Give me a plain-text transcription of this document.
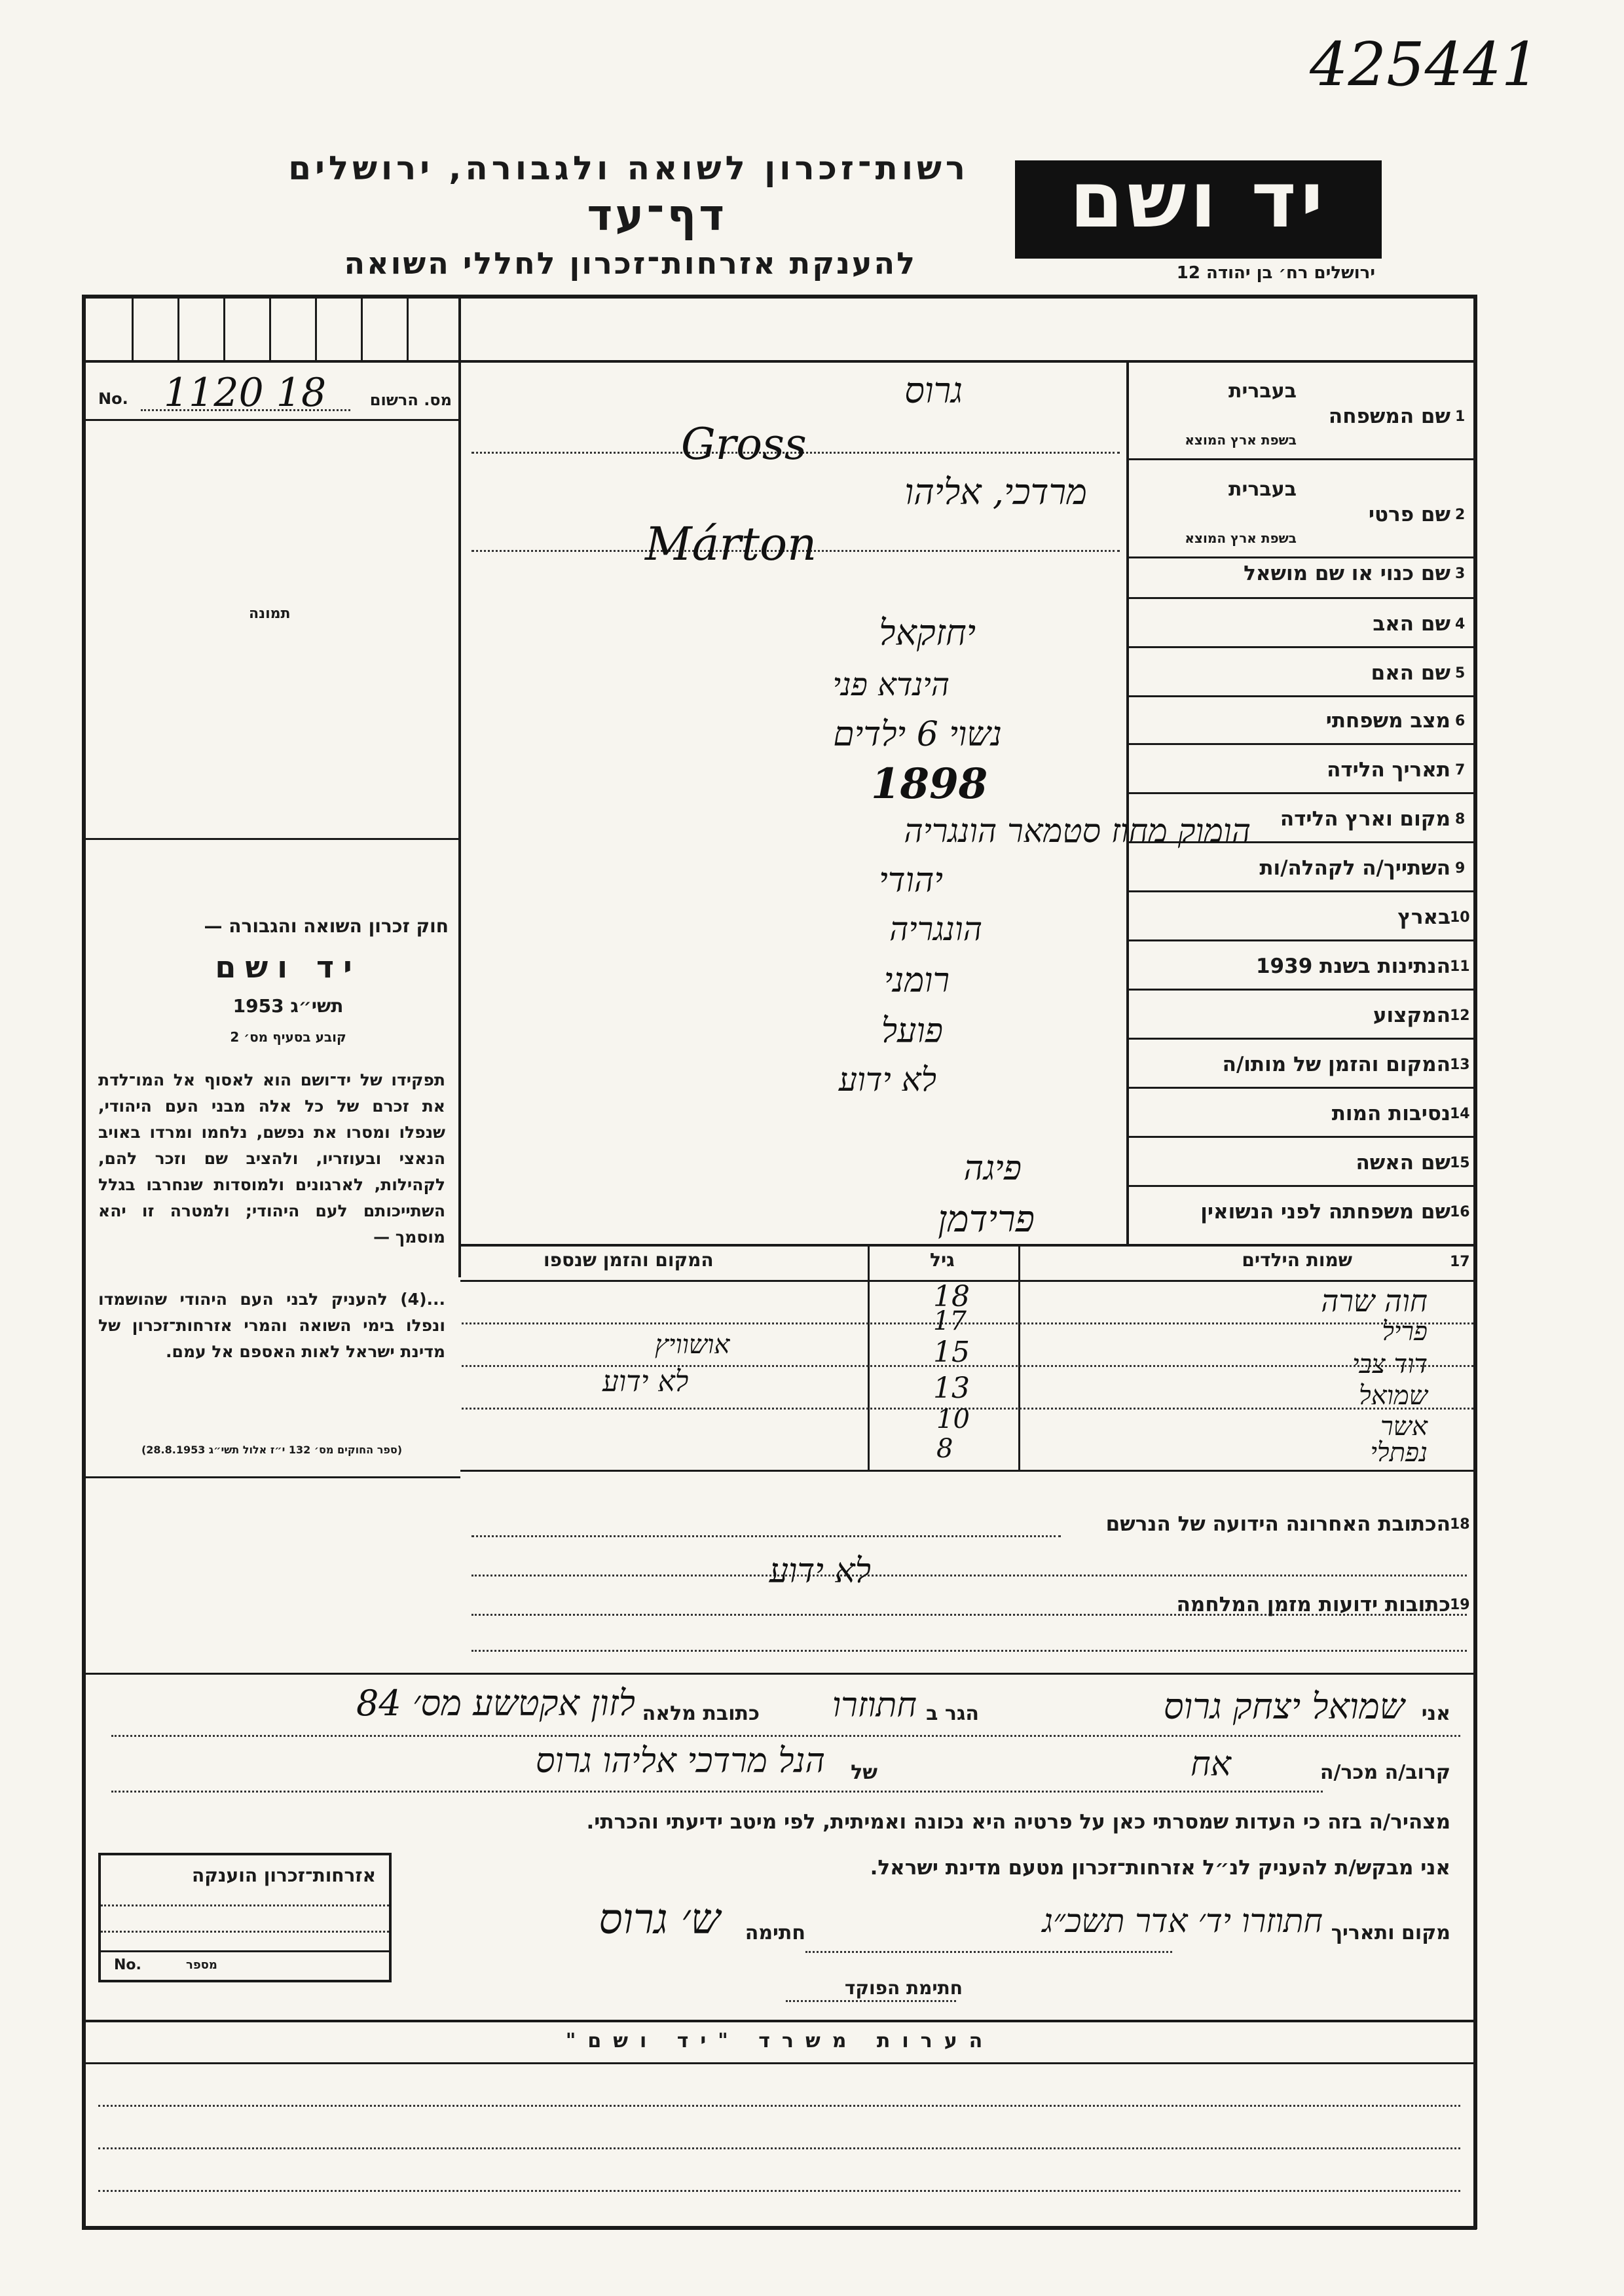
425441
רשות־זכרון לשואה ולגבורה, ירושלים
דף־עד
להענקת אזרחות־זכרון לחללי השואה
יד ושם
ירושלים רח׳ בן יהודה 12
No. 1120 18	מס. הרשום
תמונה
חוק זכרון השואה והגבורה —
יד ושם
תשי״ג 1953
קובע בסעיף מס׳ 2
תפקידו של יד־ושם הוא לאסוף אל המו־לדת את זכרם של כל אלה מבני העם היהודי, שנפלו ומסרו את נפשם, נלחמו ומרדו באויב הנאצי ובעוזריו, ולהציב שם וזכר להם, לקהילות, לארגונים ולמוסדות שנחרבו בגלל השתייכותם לעם היהודי; ולמטרה זו יהא מוסמך —
...(4) להעניק לבני העם היהודי שהושמדו ונפלו בימי השואה והמרי אזרחות־זכרון של מדינת ישראל לאות האספם אל עמם.
(ספר החוקים מס׳ 132 י״ז אלול תשי״ג 28.8.1953)
בעברית
בשפת ארץ המוצא
בעברית
בשפת ארץ המוצא
שם המשפחה 1
שם פרטי 2
שם כנוי או שם מושאל 3
שם האב 4
שם האם 5
מצב משפחתי 6
תאריך הלידה 7
מקום וארץ הלידה 8
השתייך/ה לקהלה/ות 9
בארץ 10
הנתינות בשנת 1939 11
המקצוע 12
המקום והזמן של מותו/ה 13
נסיבות המות 14
שם האשה 15
שם משפחתה לפני הנשואין 16
גרוס
Gross
מרדכי, אליהו
Márton
יחזקאל
הינדא פני
נשוי 6 ילדים
1898
הומוק מחוז סטמאר הונגריה
יהודי
הונגריה
רומני
פועל
לא ידוע
פיגה
פרידמן
17
שמות הילדים
גיל
המקום והזמן שנספו
חוה שרה
פריל
דוד צבי
שמואל
אשר
נפתלי
18
17
15
13
10
8
אושוויץ
לא ידוע
הכתובת האחרונה הידועה של הנרשם 18
לא ידוע
כתובות ידועות מזמן המלחמה 19
אני
שמואל יצחק גרוס
הגר ב
חתוזרו
כתובת מלאה
לזון אקטשע מס׳ 84
קרוב/ה מכר/ה
אח
של
הנל מרדכי אליהו גרוס
מצהיר/ה בזה כי העדות שמסרתי כאן על פרטיה היא נכונה ואמיתית, לפי מיטב ידיעתי והכרתי.
אני מבקש/ת להעניק לנ״ל אזרחות־זכרון מטעם מדינת ישראל.
מקום ותאריך
חתוזרו יד׳ אדר תשכ״ג
חתימה
ש׳ גרוס
חתימת הפוקד
אזרחות־זכרון הוענקה
No.	מספר
הערות משרד "יד ושם"
